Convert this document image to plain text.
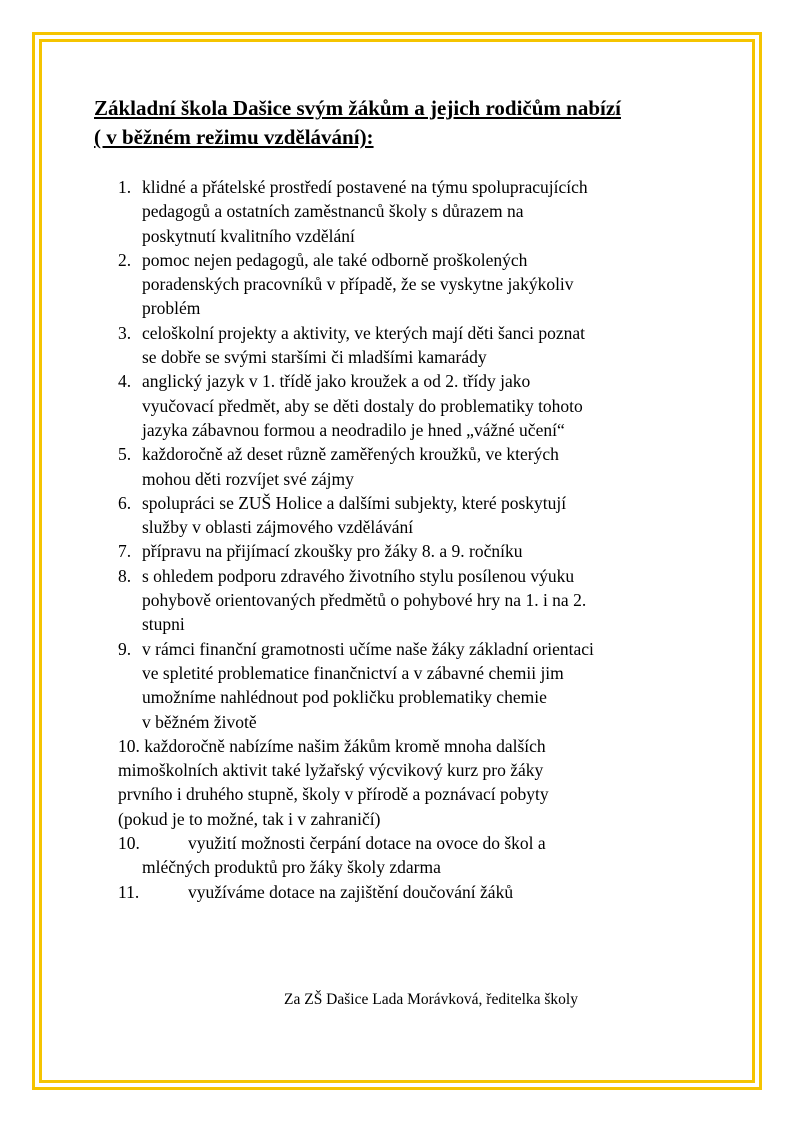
Základní škola Dašice svým žákům a jejich rodičům nabízí
( v běžném režimu vzdělávání):
1. klidné a přátelské prostředí postavené na týmu spolupracujících
pedagogů a ostatních zaměstnanců školy s důrazem na
poskytnutí kvalitního vzdělání
2. pomoc nejen pedagogů, ale také odborně proškolených
poradenských pracovníků v případě, že se vyskytne jakýkoliv
problém
3. celoškolní projekty a aktivity, ve kterých mají děti šanci poznat
se dobře se svými staršími či mladšími kamarády
4. anglický jazyk v 1. třídě jako kroužek a od 2. třídy jako
vyučovací předmět, aby se děti dostaly do problematiky tohoto
jazyka zábavnou formou a neodradilo je hned „vážné učení“
5. každoročně až deset různě zaměřených kroužků, ve kterých
mohou děti rozvíjet své zájmy
6. spolupráci se ZUŠ Holice a dalšími subjekty, které poskytují
služby v oblasti zájmového vzdělávání
7. přípravu na přijímací zkoušky pro žáky 8. a 9. ročníku
8. s ohledem podporu zdravého životního stylu posílenou výuku
pohybově orientovaných předmětů o pohybové hry na 1. i na 2.
stupni
9. v rámci finanční gramotnosti učíme naše žáky základní orientaci
ve spletité problematice finančnictví a v zábavné chemii jim
umožníme nahlédnout pod pokličku problematiky chemie
v běžném životě
10. každoročně nabízíme našim žákům kromě mnoha dalších
mimoškolních aktivit také lyžařský výcvikový kurz pro žáky
prvního i druhého stupně, školy v přírodě a poznávací pobyty
(pokud je to možné, tak i v zahraničí)
10.	využití možnosti čerpání dotace na ovoce do škol a
mléčných produktů pro žáky školy zdarma
11.	využíváme dotace na zajištění doučování žáků
Za ZŠ Dašice Lada Morávková, ředitelka školy
